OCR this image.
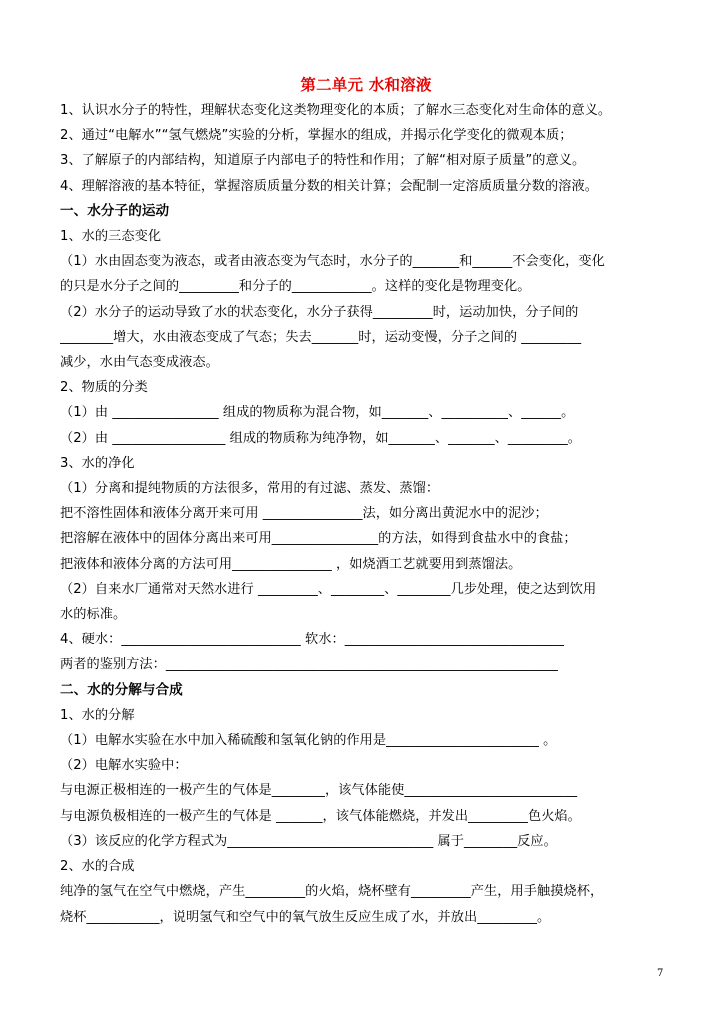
第二单元 水和溶液
1、认识水分子的特性，理解状态变化这类物理变化的本质；了解水三态变化对生命体的意义。
2、通过“电解水”“氢气燃烧”实验的分析，掌握水的组成，并揭示化学变化的微观本质；
3、了解原子的内部结构，知道原子内部电子的特性和作用；了解“相对原子质量”的意义。
4、理解溶液的基本特征，掌握溶质质量分数的相关计算；会配制一定溶质质量分数的溶液。
一、水分子的运动
1、水的三态变化
（1）水由固态变为液态，或者由液态变为气态时，水分子的_______和______不会变化，变化
的只是水分子之间的_________和分子的____________。这样的变化是物理变化。
（2）水分子的运动导致了水的状态变化，水分子获得_________时，运动加快，分子间的
________增大，水由液态变成了气态；失去_______时，运动变慢，分子之间的 _________
减少，水由气态变成液态。
2、物质的分类
（1）由 ________________ 组成的物质称为混合物，如_______、__________、______。
（2）由 _________________ 组成的物质称为纯净物，如_______、_______、_________。
3、水的净化
（1）分离和提纯物质的方法很多，常用的有过滤、蒸发、蒸馏：
把不溶性固体和液体分离开来可用 _______________法，如分离出黄泥水中的泥沙；
把溶解在液体中的固体分离出来可用________________的方法，如得到食盐水中的食盐；
把液体和液体分离的方法可用_______________ ，如烧酒工艺就要用到蒸馏法。
（2）自来水厂通常对天然水进行 _________、________、________几步处理，使之达到饮用
水的标准。
4、硬水：___________________________ 软水：_________________________________
两者的鉴别方法：___________________________________________________________
二、水的分解与合成
1、水的分解
（1）电解水实验在水中加入稀硫酸和氢氧化钠的作用是_______________________ 。
（2）电解水实验中：
与电源正极相连的一极产生的气体是________，该气体能使__________________________
与电源负极相连的一极产生的气体是 _______，该气体能燃烧，并发出_________色火焰。
（3）该反应的化学方程式为_______________________________ 属于________反应。
2、水的合成
纯净的氢气在空气中燃烧，产生_________的火焰，烧杯壁有_________产生，用手触摸烧杯，
烧杯___________，说明氢气和空气中的氧气放生反应生成了水，并放出_________。
7
